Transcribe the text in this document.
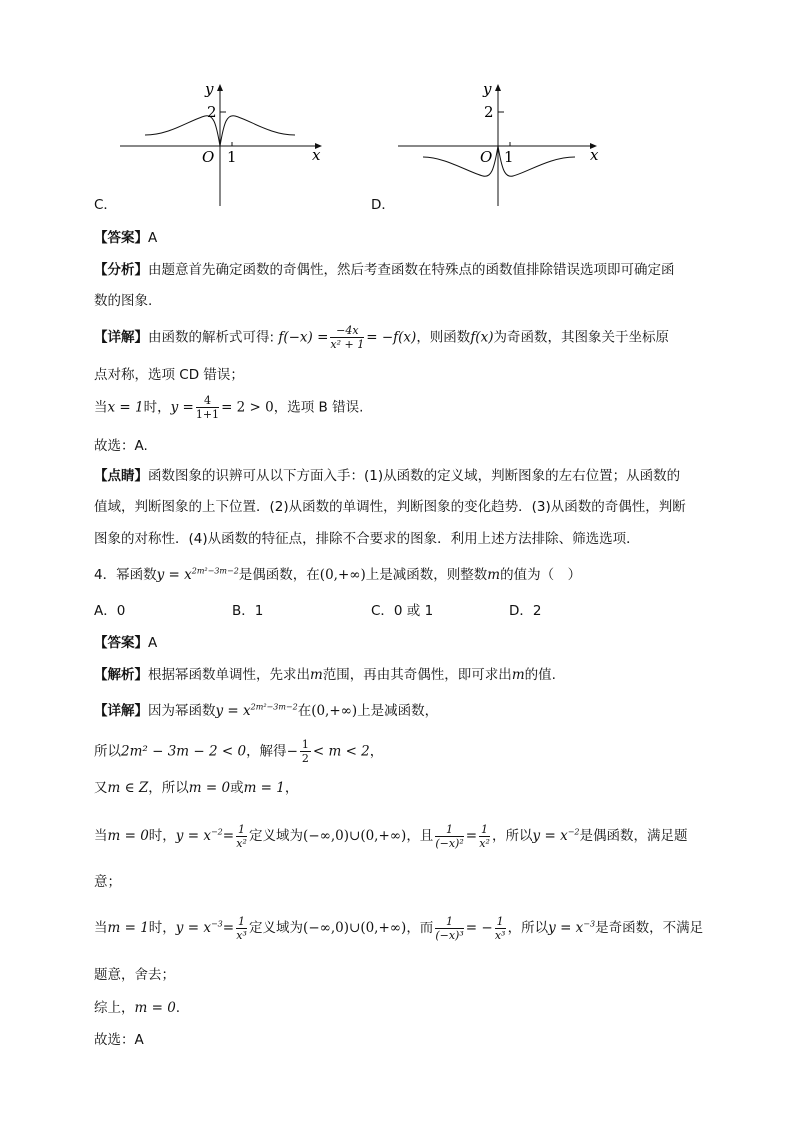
y
2
O 1	x
C．
y
2
O 1	x
D．
【答案】A
【分析】由题意首先确定函数的奇偶性，然后考查函数在特殊点的函数值排除错误选项即可确定函
数的图象.
【详解】由函数的解析式可得: $f(-x) = \frac{-4x}{\text{x² + 1}} = -f(x)$，则函数f(x)为奇函数，其图象关于坐标原
点对称，选项 CD 错误；
当x = 1时，$y = \frac{4}{1+1} = 2 > 0$，选项 B 错误.
故选：A.
【点睛】函数图象的识辨可从以下方面入手：(1)从函数的定义域，判断图象的左右位置；从函数的
值域，判断图象的上下位置．(2)从函数的单调性，判断图象的变化趋势．(3)从函数的奇偶性，判断
图象的对称性．(4)从函数的特征点，排除不合要求的图象．利用上述方法排除、筛选选项．
4．幂函数$y = x^{2m^2-3m-2}$是偶函数，在(0,+∞)上是减函数，则整数m的值为（　）
A．0	B．1	C．0 或 1	D．2
【答案】A
【解析】根据幂函数单调性，先求出m范围，再由其奇偶性，即可求出m的值.
【详解】因为幂函数$y = x^{2m^2-3m-2}$在(0,+∞)上是减函数，
所以2m² − 3m − 2 < 0，解得− $\frac{1}{2} < m < 2$，
又m ∈ Z，所以m = 0或m = 1，
当m = 0时，$y = x^{-2}= \frac{1}{\text{x²}}$ 定义域为(−∞,0)∪(0,+∞)，且 $\frac{1}{\text{(−x)²}} = \frac{1}{\text{x²}}$ ，所以$y = x^{-2}$是偶函数，满足题
意；
当m = 1时，$y = x^{-3}= \frac{1}{\text{x³}}$ 定义域为(−∞,0)∪(0,+∞)，而 $\frac{1}{\text{(−x)³}}$ = − $\frac{1}{\text{x³}}$ ，所以$y = x^{-3}$是奇函数，不满足
题意，舍去；
综上，m = 0.
故选：A
